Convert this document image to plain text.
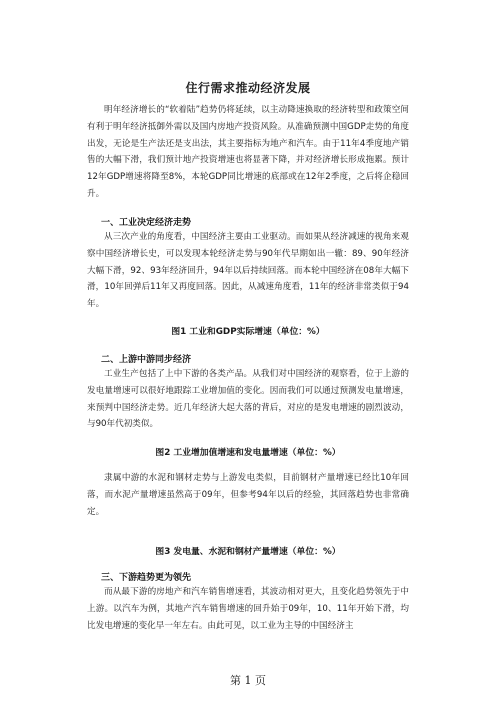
住行需求推动经济发展

明年经济增长的“软着陆”趋势仍将延续，以主动降速换取的经济转型和政策空间有利于明年经济抵御外需以及国内房地产投资风险。从准确预测中国GDP走势的角度出发，无论是生产法还是支出法，其主要指标为地产和汽车。由于11年4季度地产销售的大幅下滑，我们预计地产投资增速也将显著下降，并对经济增长形成拖累。预计12年GDP增速将降至8%，本轮GDP同比增速的底部或在12年2季度，之后将企稳回升。

一、工业决定经济走势

从三次产业的角度看，中国经济主要由工业驱动。而如果从经济减速的视角来观察中国经济增长史，可以发现本轮经济走势与90年代早期如出一辙：89、90年经济大幅下滑，92、93年经济回升，94年以后持续回落。而本轮中国经济在08年大幅下滑，10年回弹后11年又再度回落。因此，从减速角度看，11年的经济非常类似于94年。

图1 工业和GDP实际增速（单位：%）

二、上游中游同步经济

工业生产包括了上中下游的各类产品。从我们对中国经济的观察看，位于上游的发电量增速可以很好地跟踪工业增加值的变化。因而我们可以通过预测发电量增速，来预判中国经济走势。近几年经济大起大落的背后，对应的是发电增速的剧烈波动，与90年代初类似。

图2 工业增加值增速和发电量增速（单位：%）

隶属中游的水泥和钢材走势与上游发电类似，目前钢材产量增速已经比10年回落，而水泥产量增速虽然高于09年，但参考94年以后的经验，其回落趋势也非常确定。

图3 发电量、水泥和钢材产量增速（单位：%）

三、下游趋势更为领先

而从最下游的房地产和汽车销售增速看，其波动相对更大，且变化趋势领先于中上游。以汽车为例，其地产汽车销售增速的回升始于09年，10、11年开始下滑，均比发电增速的变化早一年左右。由此可见，以工业为主导的中国经济主

第 1 页
